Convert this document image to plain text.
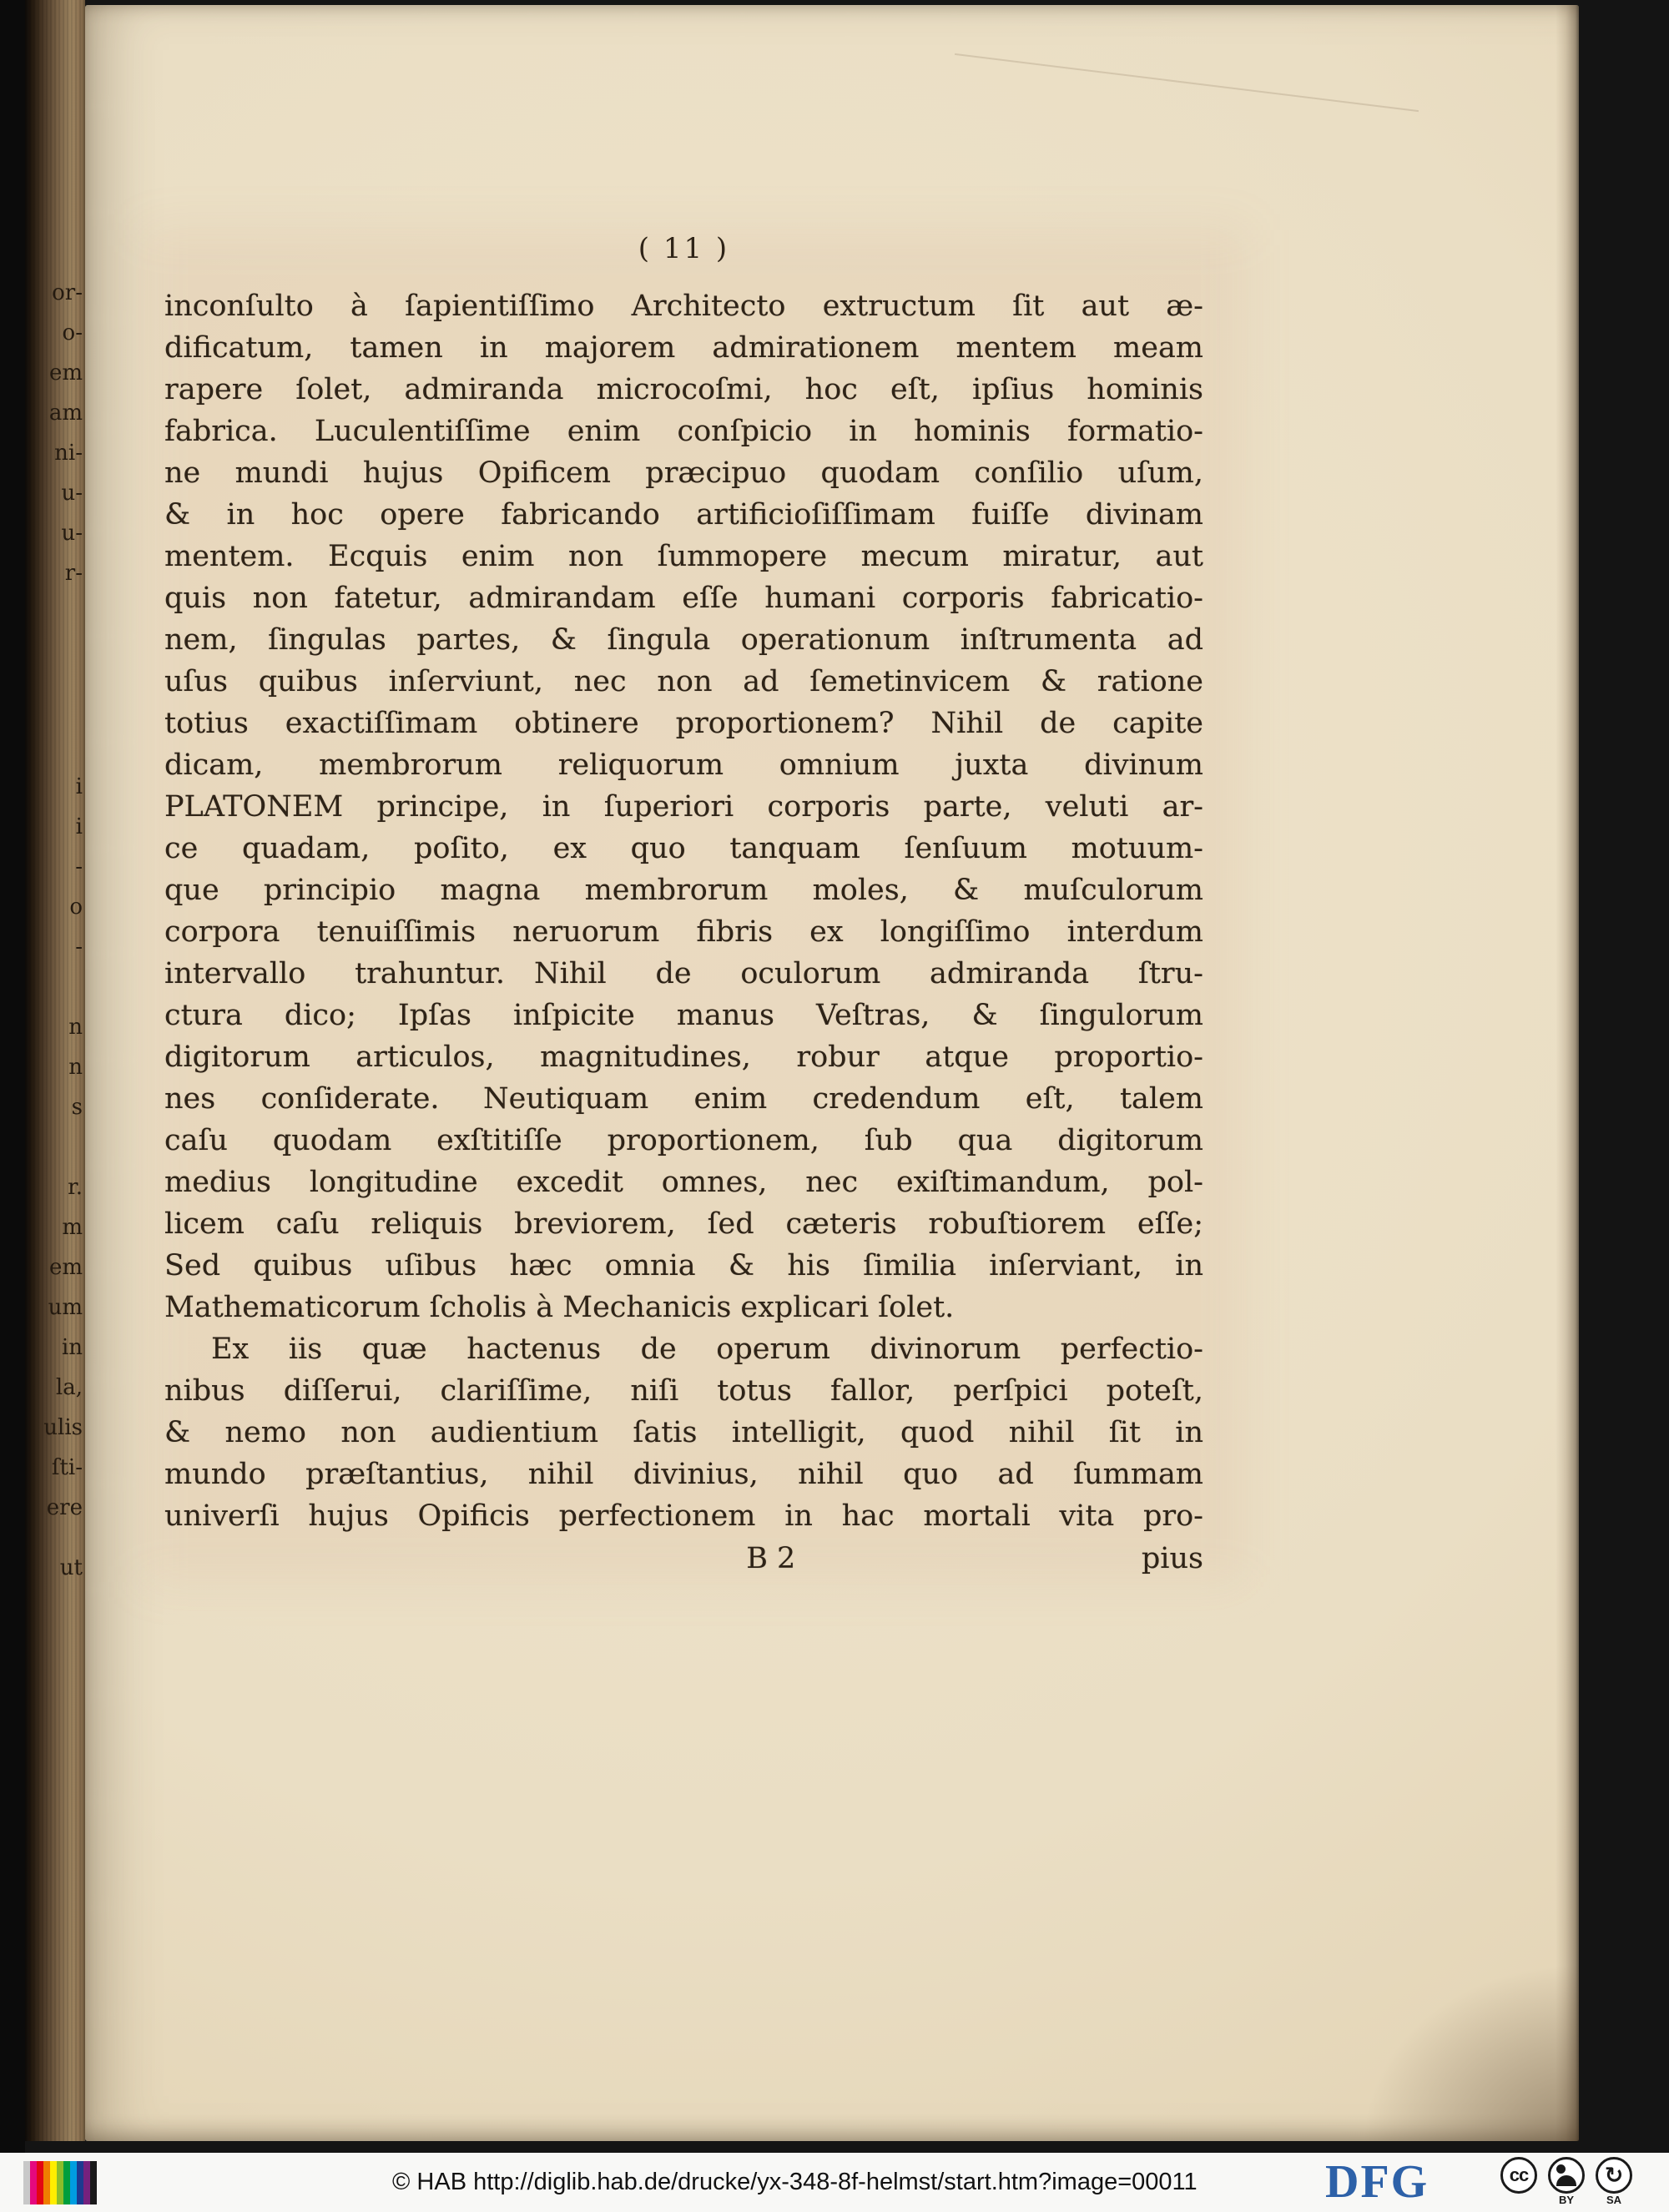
or-
o-
em
am
ni-
u-
u-
r-
i
i
-
o
-
n
n
s
r.
m
em
um
in
la,
ulis
ſti-
ere
ut
( 11 )
inconſulto à ſapientiſſimo Architecto extructum ſit aut æ-
dificatum, tamen in majorem admirationem mentem meam
rapere ſolet, admiranda microcoſmi, hoc eſt, ipſius hominis
fabrica. Luculentiſſime enim conſpicio in hominis formatio-
ne mundi hujus Opificem præcipuo quodam conſilio uſum,
& in hoc opere fabricando artificioſiſſimam fuiſſe divinam
mentem. Ecquis enim non ſummopere mecum miratur, aut
quis non fatetur, admirandam eſſe humani corporis fabricatio-
nem, ſingulas partes, & ſingula operationum inſtrumenta ad
uſus quibus inſerviunt, nec non ad ſemetinvicem & ratione
totius exactiſſimam obtinere proportionem? Nihil de capite
dicam, membrorum reliquorum omnium juxta divinum
PLATONEM principe, in ſuperiori corporis parte, veluti ar-
ce quadam, poſito, ex quo tanquam ſenſuum motuum-
que principio magna membrorum moles, & muſculorum
corpora tenuiſſimis neruorum fibris ex longiſſimo interdum
intervallo trahuntur.  Nihil de oculorum admiranda ſtru-
ctura dico; Ipſas inſpicite manus Veſtras, & ſingulorum
digitorum articulos, magnitudines, robur atque proportio-
nes conſiderate.   Neutiquam enim credendum eſt, talem
caſu quodam exſtitiſſe proportionem, ſub qua digitorum
medius longitudine excedit omnes, nec exiſtimandum, pol-
licem caſu reliquis breviorem, ſed cæteris robuſtiorem eſſe;
Sed quibus uſibus hæc omnia & his ſimilia inſerviant, in
Mathematicorum ſcholis à Mechanicis explicari ſolet.
Ex iis quæ hactenus de operum divinorum perfectio-
nibus diſſerui, clariſſime, niſi totus fallor, perſpici poteſt,
& nemo non audientium ſatis intelligit, quod nihil ſit in
mundo præſtantius, nihil divinius, nihil quo ad ſummam
univerſi hujus Opificis perfectionem in hac mortali vita pro-
B 2	pius
© HAB http://diglib.hab.de/drucke/yx-348-8f-helmst/start.htm?image=00011	DFG	cc
BY
↻
SA
